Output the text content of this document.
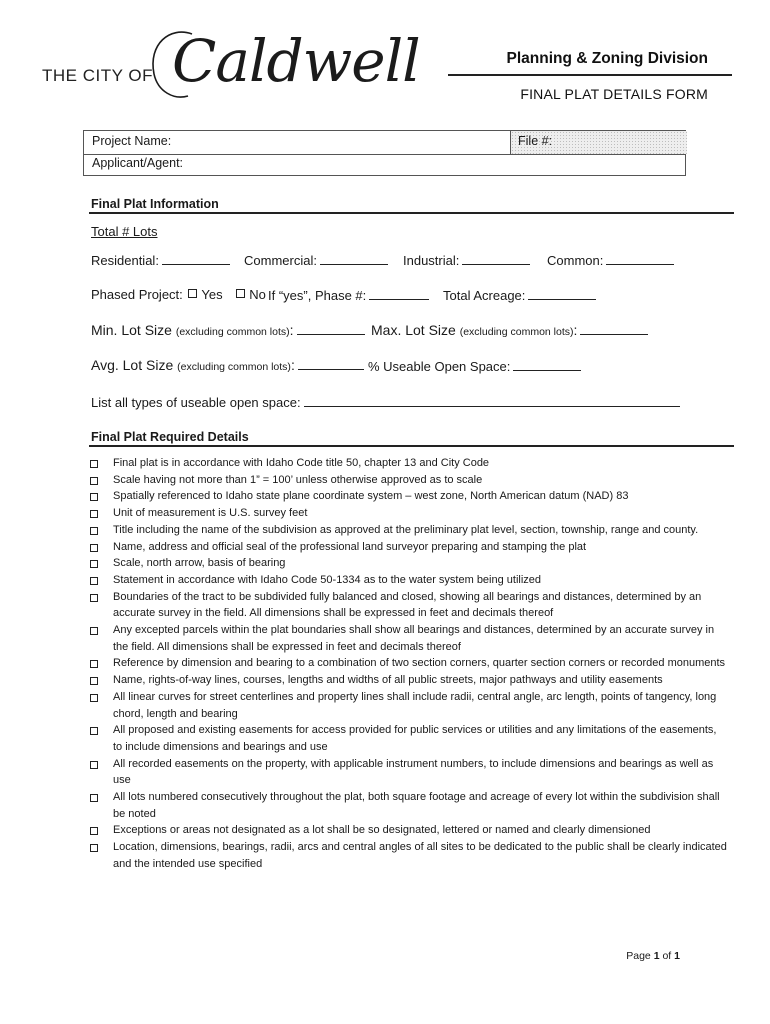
THE CITY OF Caldwell	Planning & Zoning Division
FINAL PLAT DETAILS FORM
Project Name:	File #:
Applicant/Agent:
Final Plat Information
Total # Lots
Residential:	Commercial:	Industrial:	Common:
Phased Project: Yes No If “yes”, Phase #:	Total Acreage:
Min. Lot Size (excluding common lots):	Max. Lot Size (excluding common lots):
Avg. Lot Size (excluding common lots):	% Useable Open Space:
List all types of useable open space:
Final Plat Required Details
Final plat is in accordance with Idaho Code title 50, chapter 13 and City Code
Scale having not more than 1” = 100’ unless otherwise approved as to scale
Spatially referenced to Idaho state plane coordinate system – west zone, North American datum (NAD) 83
Unit of measurement is U.S. survey feet
Title including the name of the subdivision as approved at the preliminary plat level, section, township, range and county.
Name, address and official seal of the professional land surveyor preparing and stamping the plat
Scale, north arrow, basis of bearing
Statement in accordance with Idaho Code 50-1334 as to the water system being utilized
Boundaries of the tract to be subdivided fully balanced and closed, showing all bearings and distances, determined by an accurate survey in the field. All dimensions shall be expressed in feet and decimals thereof
Any excepted parcels within the plat boundaries shall show all bearings and distances, determined by an accurate survey in the field. All dimensions shall be expressed in feet and decimals thereof
Reference by dimension and bearing to a combination of two section corners, quarter section corners or recorded monuments
Name, rights-of-way lines, courses, lengths and widths of all public streets, major pathways and utility easements
All linear curves for street centerlines and property lines shall include radii, central angle, arc length, points of tangency, long chord, length and bearing
All proposed and existing easements for access provided for public services or utilities and any limitations of the easements, to include dimensions and bearings and use
All recorded easements on the property, with applicable instrument numbers, to include dimensions and bearings as well as use
All lots numbered consecutively throughout the plat, both square footage and acreage of every lot within the subdivision shall be noted
Exceptions or areas not designated as a lot shall be so designated, lettered or named and clearly dimensioned
Location, dimensions, bearings, radii, arcs and central angles of all sites to be dedicated to the public shall be clearly indicated and the intended use specified
Page 1 of 1
